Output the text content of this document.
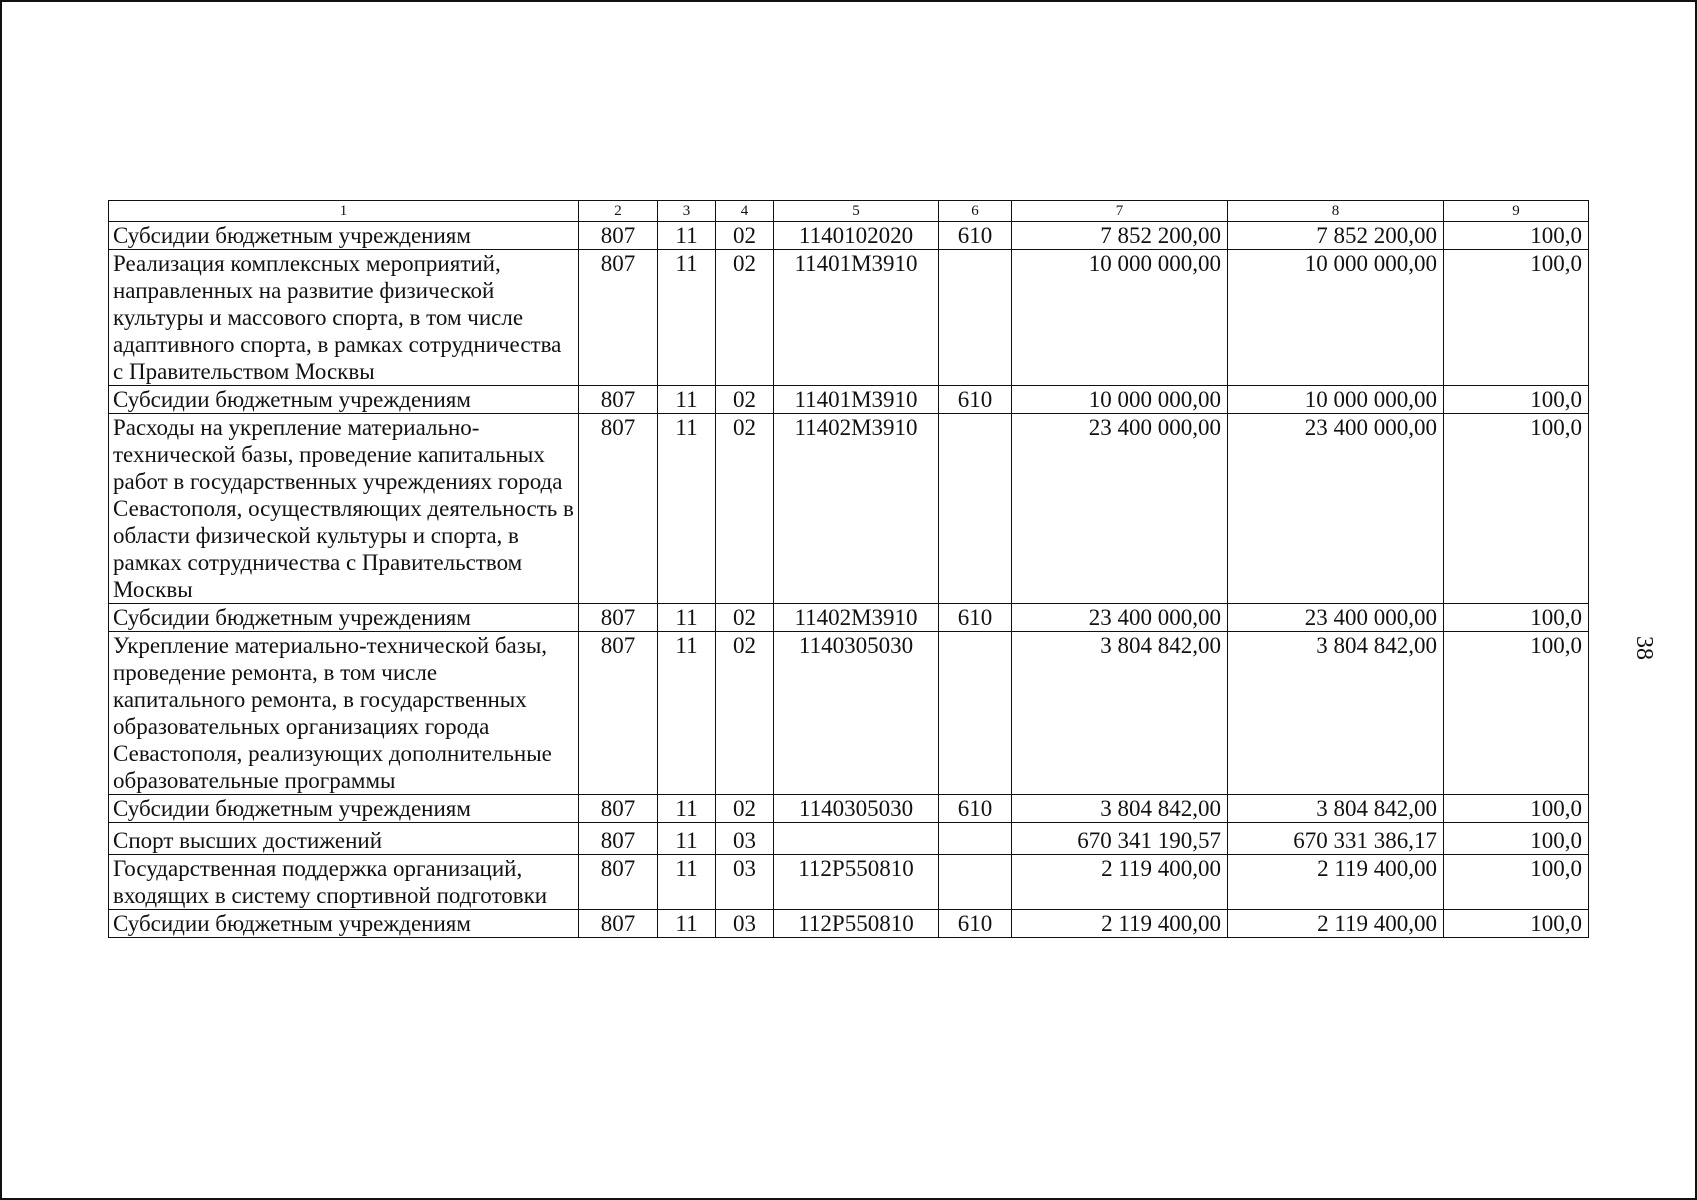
1	2	3	4	5	6	7	8	9
Субсидии бюджетным учреждениям	807	11	02	1140102020	610	7 852 200,00	7 852 200,00	100,0
Реализация комплексных мероприятий, направленных на развитие физической культуры и массового спорта, в том числе адаптивного спорта, в рамках сотрудничества с Правительством Москвы	807	11	02	11401М3910		10 000 000,00	10 000 000,00	100,0
Субсидии бюджетным учреждениям	807	11	02	11401М3910	610	10 000 000,00	10 000 000,00	100,0
Расходы на укрепление материально-технической базы, проведение капитальных работ в государственных учреждениях города Севастополя, осуществляющих деятельность в области физической культуры и спорта, в рамках сотрудничества с Правительством Москвы	807	11	02	11402М3910		23 400 000,00	23 400 000,00	100,0
Субсидии бюджетным учреждениям	807	11	02	11402М3910	610	23 400 000,00	23 400 000,00	100,0
Укрепление материально-технической базы, проведение ремонта, в том числе капитального ремонта, в государственных образовательных организациях города Севастополя, реализующих дополнительные образовательные программы	807	11	02	1140305030		3 804 842,00	3 804 842,00	100,0
Субсидии бюджетным учреждениям	807	11	02	1140305030	610	3 804 842,00	3 804 842,00	100,0
Спорт высших достижений	807	11	03			670 341 190,57	670 331 386,17	100,0
Государственная поддержка организаций, входящих в систему спортивной подготовки	807	11	03	112Р550810		2 119 400,00	2 119 400,00	100,0
Субсидии бюджетным учреждениям	807	11	03	112Р550810	610	2 119 400,00	2 119 400,00	100,0
38
